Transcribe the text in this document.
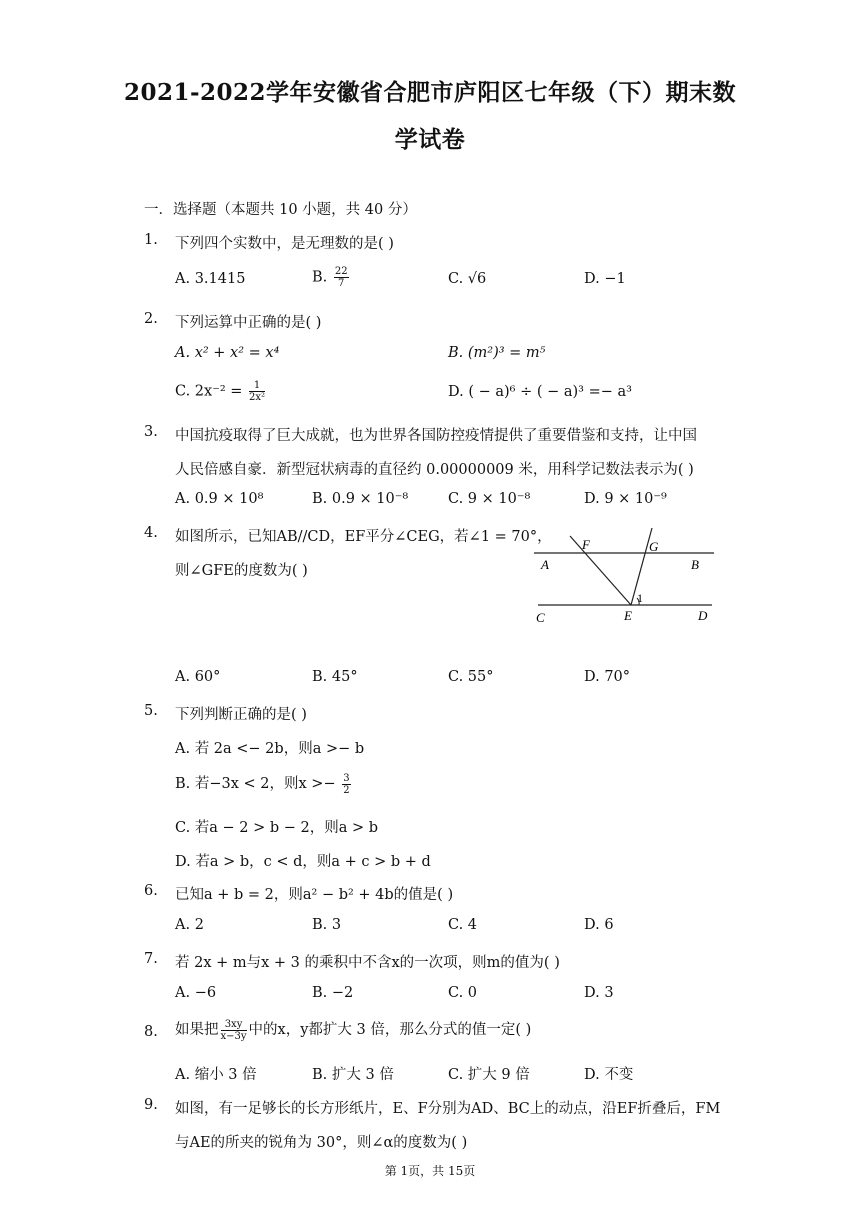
2021-2022学年安徽省合肥市庐阳区七年级（下）期末数
学试卷
一．选择题（本题共 10 小题，共 40 分）
1. 下列四个实数中，是无理数的是( )
A. 3.1415	B. $\frac{22}{7}$	C. √6	D. −1
2. 下列运算中正确的是( )
A. x² + x² = x⁴	B. (m²)³ = m⁵
C. $2x^{-2} = \frac{1}{\text{2x²}}$	D. ( − a)⁶ ÷ ( − a)³ =− a³
3. 中国抗疫取得了巨大成就，也为世界各国防控疫情提供了重要借鉴和支持，让中国
人民倍感自豪．新型冠状病毒的直径约 0.00000009 米，用科学记数法表示为( )
A. 0.9 × 10⁸	B. 0.9 × 10⁻⁸	C. 9 × 10⁻⁸	D. 9 × 10⁻⁹
4. 如图所示，已知AB//CD，EF平分∠CEG，若∠1 = 70°，
则∠GFE的度数为( )
F	G
A	B
1
C	E	D
A. 60°	B. 45°	C. 55°	D. 70°
5. 下列判断正确的是( )
A. 若 2a <− 2b，则a >− b
B. 若−3x < 2，则$x >- \frac{3}{2}$
C. 若a − 2 > b − 2，则a > b
D. 若a > b，c < d，则a + c > b + d
6. 已知a + b = 2，则a² − b² + 4b的值是( )
A. 2	B. 3	C. 4	D. 6
7. 若 2x + m与x + 3 的乘积中不含x的一次项，则m的值为( )
A. −6	B. −2	C. 0	D. 3
8. 如果把 $\frac{3xy}{x-3y}$ 中的x，y都扩大 3 倍，那么分式的值一定( )
A. 缩小 3 倍	B. 扩大 3 倍	C. 扩大 9 倍	D. 不变
9. 如图，有一足够长的长方形纸片，E、F分别为AD、BC上的动点，沿EF折叠后，FM
与AE的所夹的锐角为 30°，则∠α的度数为( )
第 1页，共 15页
